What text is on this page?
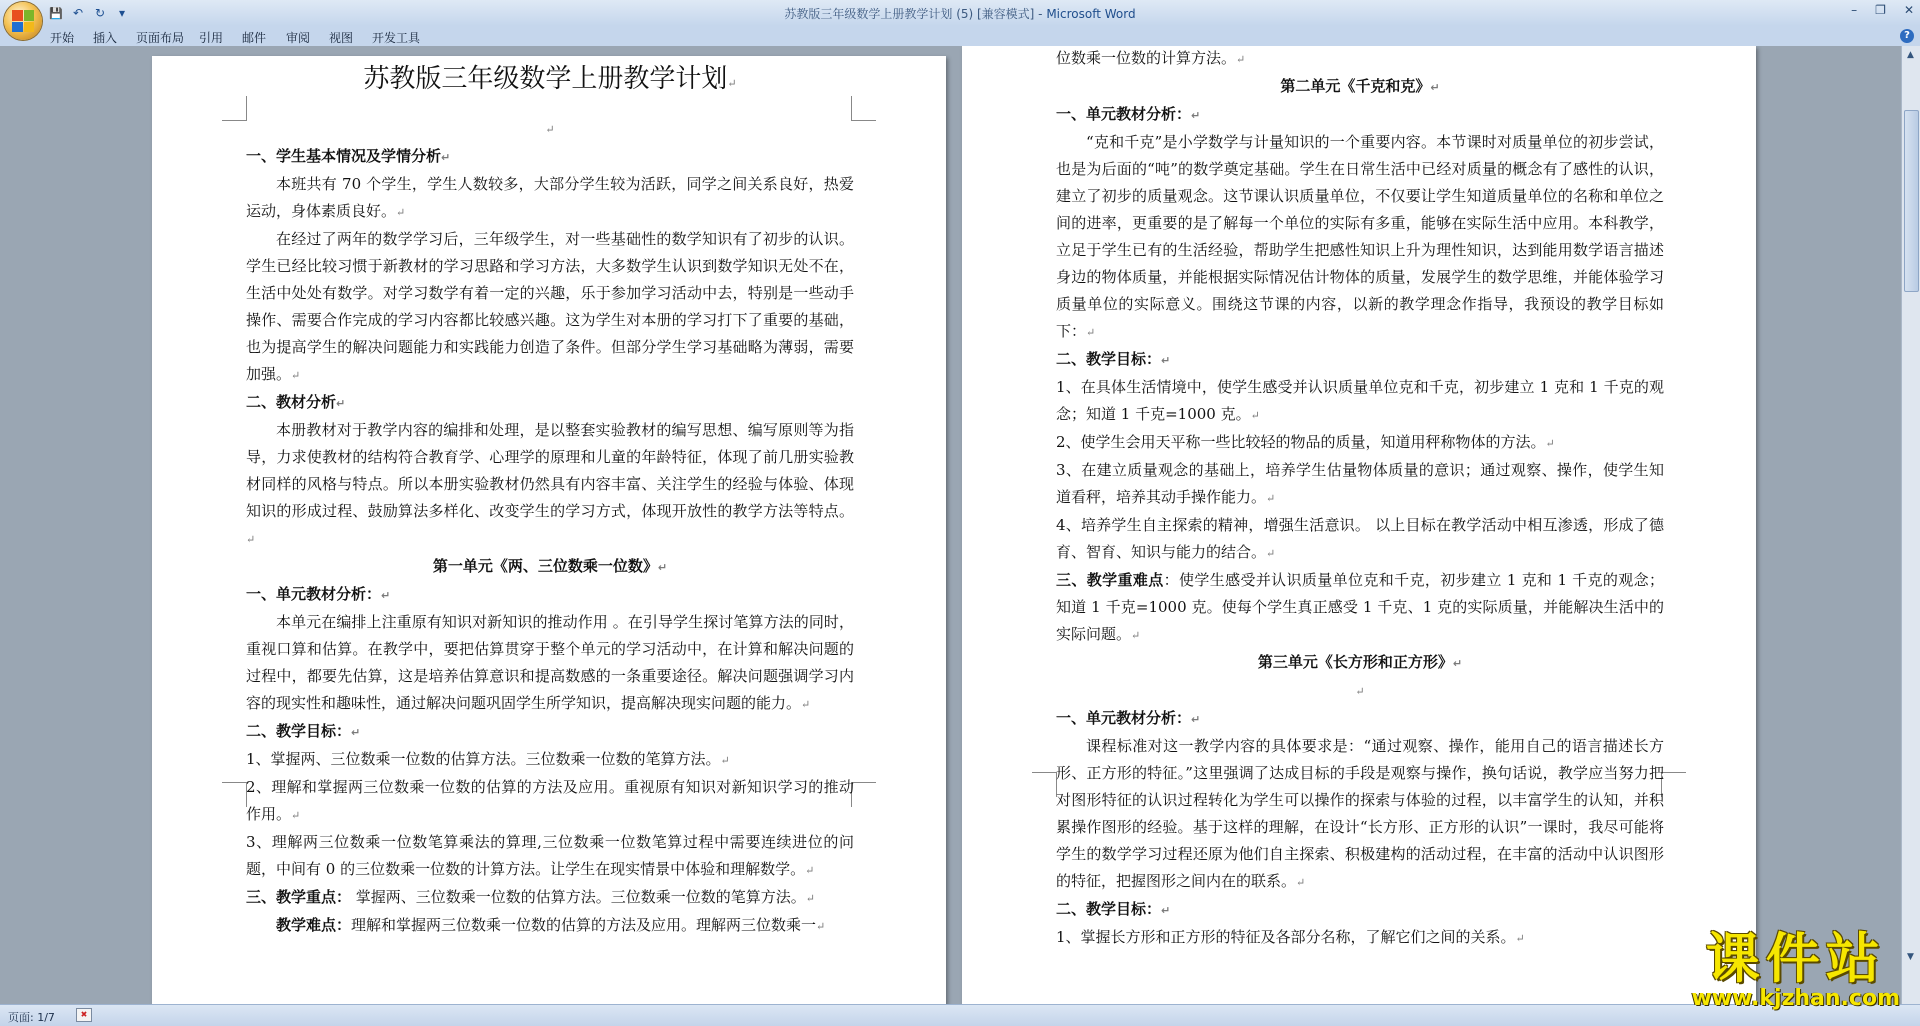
💾 ↶ ↻	▾	苏教版三年级数学上册教学计划 (5) [兼容模式] - Microsoft Word	– ❐ ✕
开始 插入 页面布局 引用 邮件 审阅 视图 开发工具	?

苏教版三年级数学上册教学计划↵

↵

一、学生基本情况及学情分析↵

本班共有 70 个学生，学生人数较多，大部分学生较为活跃，同学之间关系良好，热爱运动，身体素质良好。↵

在经过了两年的数学学习后，三年级学生，对一些基础性的数学知识有了初步的认识。学生已经比较习惯于新教材的学习思路和学习方法，大多数学生认识到数学知识无处不在，生活中处处有数学。对学习数学有着一定的兴趣，乐于参加学习活动中去，特别是一些动手操作、需要合作完成的学习内容都比较感兴趣。这为学生对本册的学习打下了重要的基础，也为提高学生的解决问题能力和实践能力创造了条件。但部分学生学习基础略为薄弱，需要加强。↵

二、教材分析↵

本册教材对于教学内容的编排和处理，是以整套实验教材的编写思想、编写原则等为指导，力求使教材的结构符合教育学、心理学的原理和儿童的年龄特征，体现了前几册实验教材同样的风格与特点。所以本册实验教材仍然具有内容丰富、关注学生的经验与体验、体现知识的形成过程、鼓励算法多样化、改变学生的学习方式，体现开放性的教学方法等特点。↵

第一单元《两、三位数乘一位数》↵

一、单元教材分析：↵

本单元在编排上注重原有知识对新知识的推动作用 。在引导学生探讨笔算方法的同时，重视口算和估算。在教学中，要把估算贯穿于整个单元的学习活动中，在计算和解决问题的过程中，都要先估算，这是培养估算意识和提高数感的一条重要途径。解决问题强调学习内容的现实性和趣味性，通过解决问题巩固学生所学知识，提高解决现实问题的能力。↵

二、教学目标：↵

1、掌握两、三位数乘一位数的估算方法。三位数乘一位数的笔算方法。↵

2、理解和掌握两三位数乘一位数的估算的方法及应用。重视原有知识对新知识学习的推动作用。↵

3、理解两三位数乘一位数笔算乘法的算理,三位数乘一位数笔算过程中需要连续进位的问题，中间有 0 的三位数乘一位数的计算方法。让学生在现实情景中体验和理解数学。↵

三、教学重点： 掌握两、三位数乘一位数的估算方法。三位数乘一位数的笔算方法。↵

教学难点：理解和掌握两三位数乘一位数的估算的方法及应用。理解两三位数乘一↵

位数乘一位数的计算方法。↵

第二单元《千克和克》↵

一、单元教材分析：↵

“克和千克”是小学数学与计量知识的一个重要内容。本节课时对质量单位的初步尝试，也是为后面的“吨”的数学奠定基础。学生在日常生活中已经对质量的概念有了感性的认识，建立了初步的质量观念。这节课认识质量单位，不仅要让学生知道质量单位的名称和单位之间的进率，更重要的是了解每一个单位的实际有多重，能够在实际生活中应用。本科教学，立足于学生已有的生活经验，帮助学生把感性知识上升为理性知识，达到能用数学语言描述身边的物体质量，并能根据实际情况估计物体的质量，发展学生的数学思维，并能体验学习质量单位的实际意义。围绕这节课的内容，以新的教学理念作指导，我预设的教学目标如下：↵

二、教学目标：↵

1、在具体生活情境中，使学生感受并认识质量单位克和千克，初步建立 1 克和 1 千克的观念；知道 1 千克=1000 克。↵

2、使学生会用天平称一些比较轻的物品的质量，知道用秤称物体的方法。↵

3、在建立质量观念的基础上，培养学生估量物体质量的意识；通过观察、操作，使学生知道看秤，培养其动手操作能力。↵

4、培养学生自主探索的精神，增强生活意识。 以上目标在教学活动中相互渗透，形成了德育、智育、知识与能力的结合。↵

三、教学重难点：使学生感受并认识质量单位克和千克，初步建立 1 克和 1 千克的观念；知道 1 千克=1000 克。使每个学生真正感受 1 千克、1 克的实际质量，并能解决生活中的实际问题。↵

第三单元《长方形和正方形》↵

↵

一、单元教材分析：↵

课程标准对这一教学内容的具体要求是：“通过观察、操作，能用自己的语言描述长方形、正方形的特征。”这里强调了达成目标的手段是观察与操作，换句话说，教学应当努力把对图形特征的认识过程转化为学生可以操作的探索与体验的过程，以丰富学生的认知，并积累操作图形的经验。基于这样的理解，在设计“长方形、正方形的认识”一课时，我尽可能将学生的数学学习过程还原为他们自主探索、积极建构的活动过程，在丰富的活动中认识图形的特征，把握图形之间内在的联系。↵

二、教学目标：↵

1、掌握长方形和正方形的特征及各部分名称，了解它们之间的关系。↵

▲
▼
页面: 1/7	✖
课件站
www.kjzhan.com
